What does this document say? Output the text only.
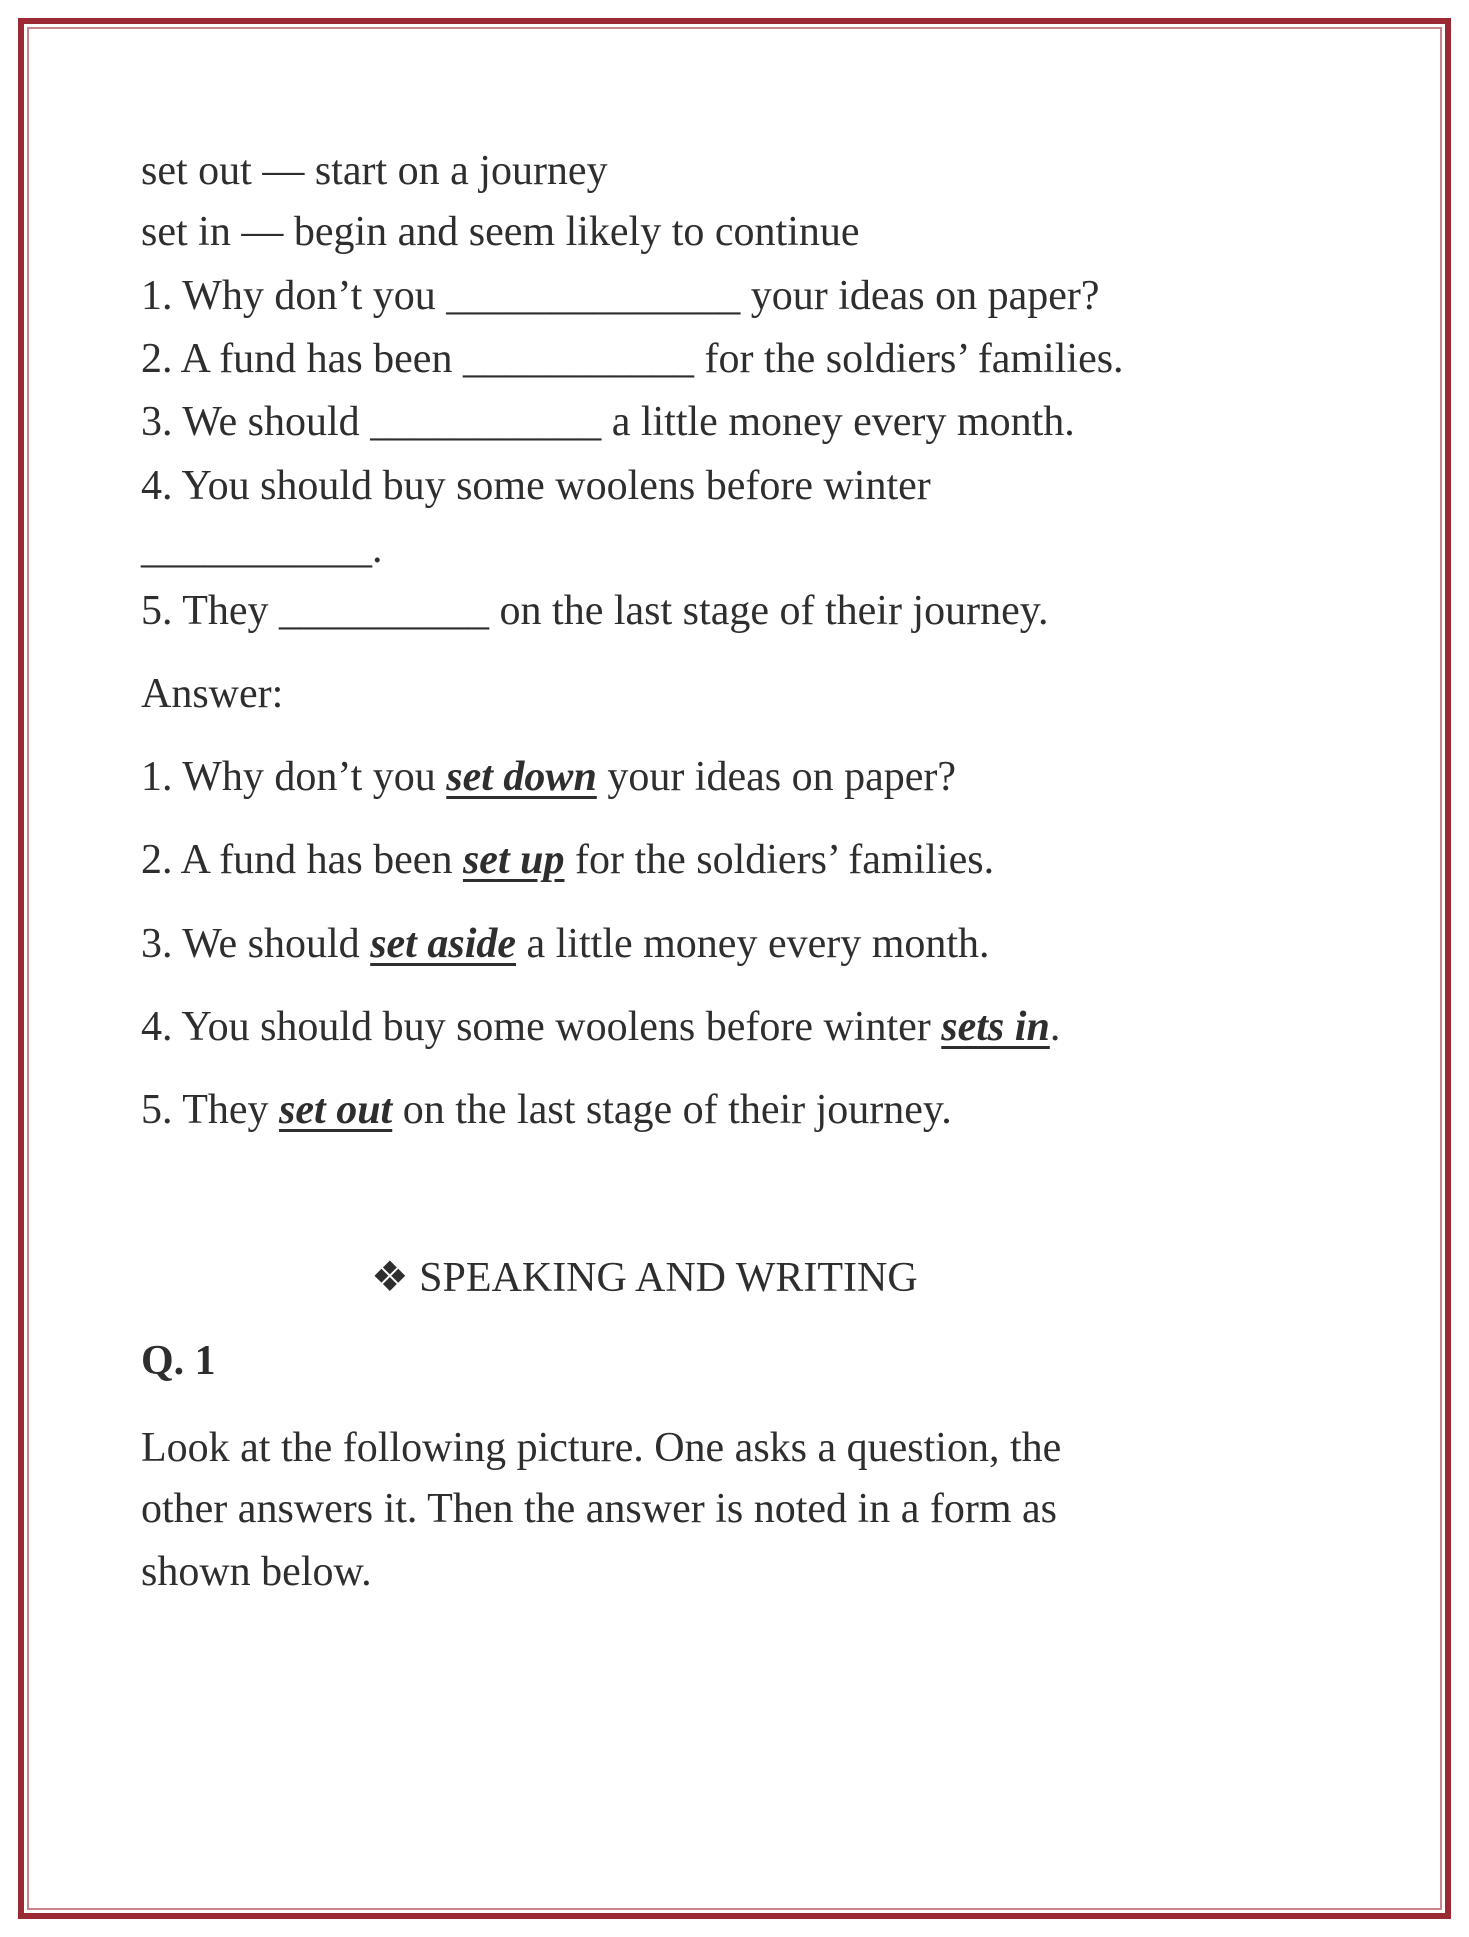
set out — start on a journey
set in — begin and seem likely to continue
1. Why don’t you ______________ your ideas on paper?
2. A fund has been ___________ for the soldiers’ families.
3. We should ___________ a little money every month.
4. You should buy some woolens before winter
___________.
5. They __________ on the last stage of their journey.
Answer:
1. Why don’t you set down your ideas on paper?
2. A fund has been set up for the soldiers’ families.
3. We should set aside a little money every month.
4. You should buy some woolens before winter sets in.
5. They set out on the last stage of their journey.
❖ SPEAKING AND WRITING
Q. 1
Look at the following picture. One asks a question, the
other answers it. Then the answer is noted in a form as
shown below.
